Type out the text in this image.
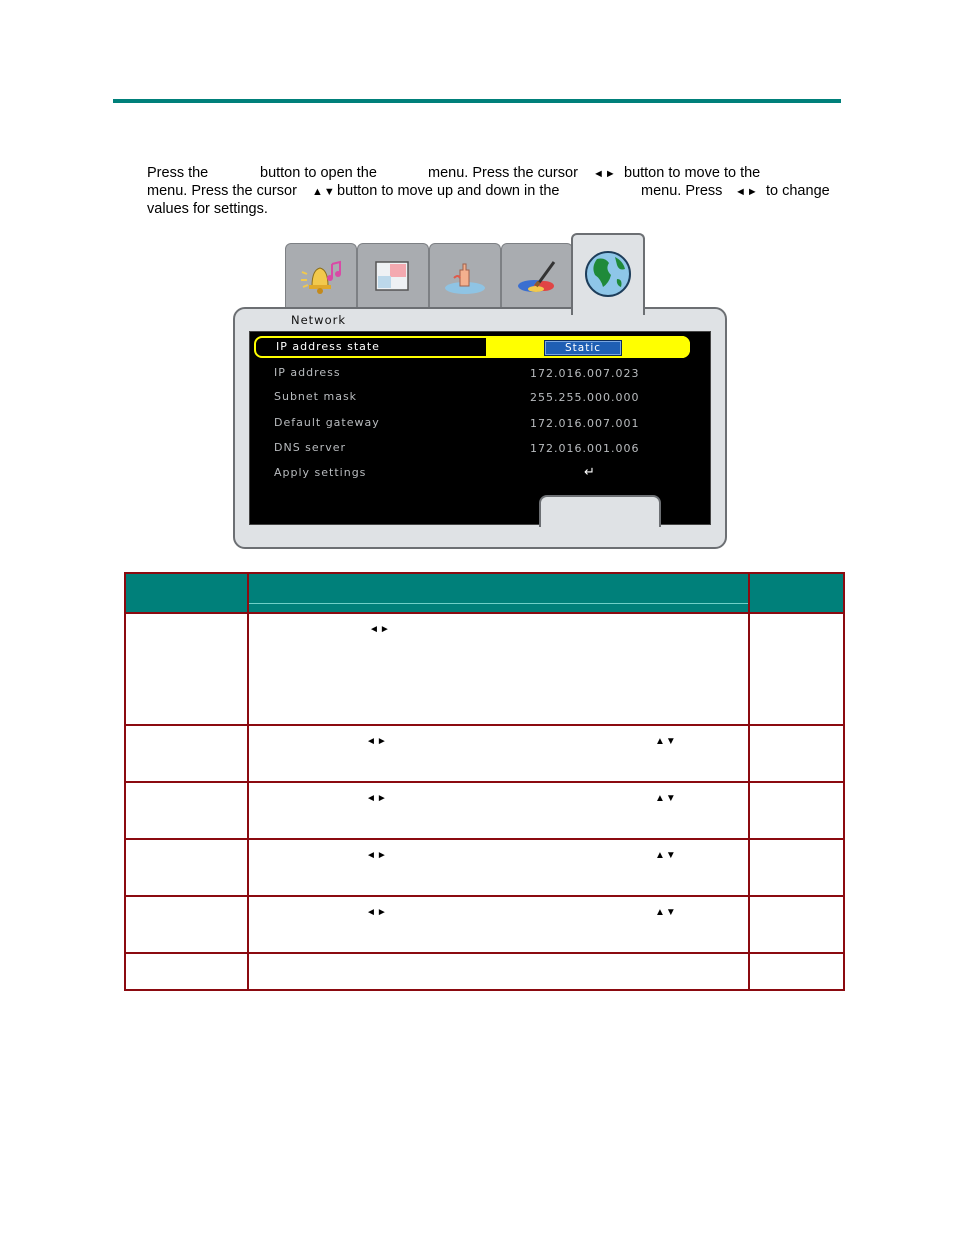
Press the	button to open the	menu. Press the cursor ◄► button to move to the
menu. Press the cursor ▲▼ button to move up and down in the	menu. Press ◄► to change
values for settings.
Network
IP address state	Static
IP address	172.016.007.023
Subnet mask	255.255.000.000
Default gateway	172.016.007.001
DNS server	172.016.001.006
Apply settings	↵

	◄►	

	◄► ▲▼	

	◄► ▲▼	

	◄► ▲▼	

	◄► ▲▼	
